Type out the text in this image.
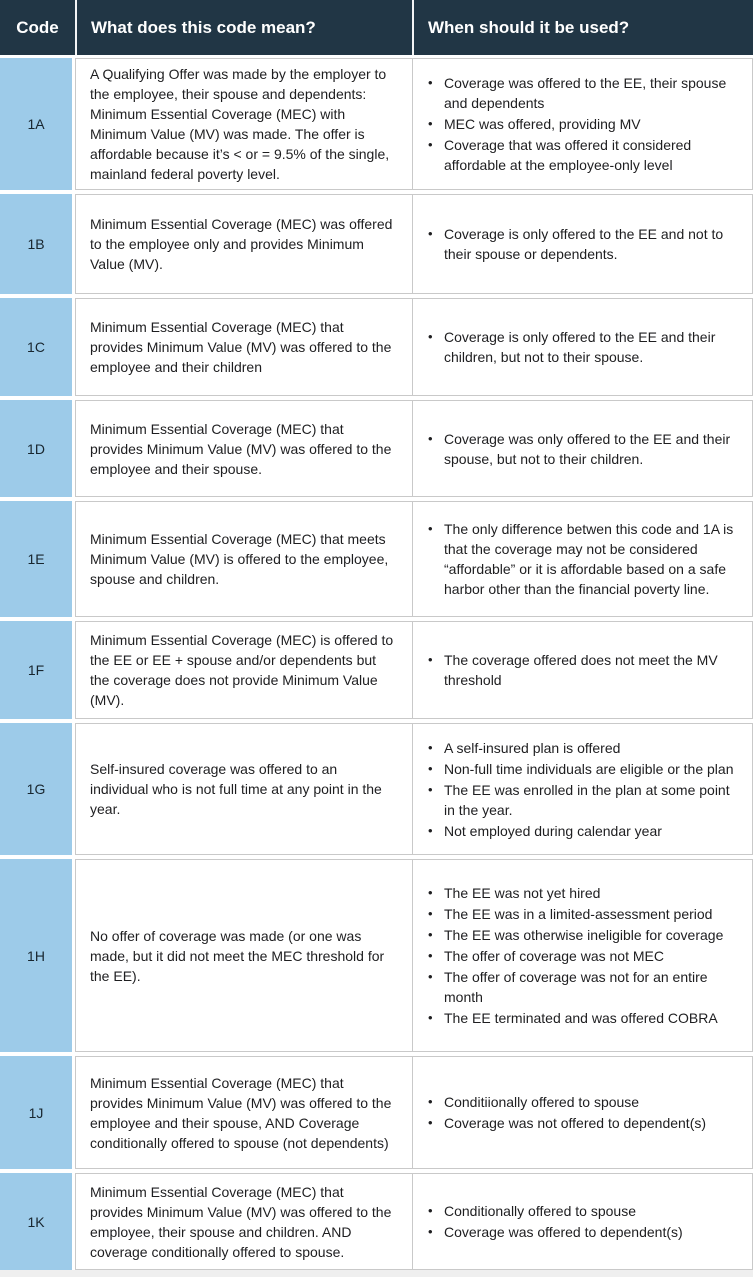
Code What does this code mean?	When should it be used?
1A

A Qualifying Offer was made by the employer to the employee, their spouse and dependents: Minimum Essential Coverage (MEC) with Minimum Value (MV) was made. The offer is affordable because it’s < or = 9.5% of the single, mainland federal poverty level.

• Coverage was offered to the EE, their spouse and dependents
• MEC was offered, providing MV
• Coverage that was offered it considered affordable at the employee-only level
1B

Minimum Essential Coverage (MEC) was offered to the employee only and provides Minimum Value (MV).

• Coverage is only offered to the EE and not to their spouse or dependents.
1C

Minimum Essential Coverage (MEC) that provides Minimum Value (MV) was offered to the employee and their children

• Coverage is only offered to the EE and their children, but not to their spouse.
1D

Minimum Essential Coverage (MEC) that provides Minimum Value (MV) was offered to the employee and their spouse.

• Coverage was only offered to the EE and their spouse, but not to their children.
1E

Minimum Essential Coverage (MEC) that meets Minimum Value (MV) is offered to the employee, spouse and children.

• The only difference betwen this code and 1A is that the coverage may not be considered “affordable” or it is affordable based on a safe harbor other than the financial poverty line.
1F

Minimum Essential Coverage (MEC) is offered to the EE or EE + spouse and/or dependents but the coverage does not provide Minimum Value (MV).

• The coverage offered does not meet the MV threshold
1G

Self-insured coverage was offered to an individual who is not full time at any point in the year.

• A self-insured plan is offered
• Non-full time individuals are eligible or the plan
• The EE was enrolled in the plan at some point in the year.
• Not employed during calendar year
1H

No offer of coverage was made (or one was made, but it did not meet the MEC threshold for the EE).

• The EE was not yet hired
• The EE was in a limited-assessment period
• The EE was otherwise ineligible for coverage
• The offer of coverage was not MEC
• The offer of coverage was not for an entire month
• The EE terminated and was offered COBRA
1J

Minimum Essential Coverage (MEC) that provides Minimum Value (MV) was offered to the employee and their spouse, AND Coverage conditionally offered to spouse (not dependents)

• Conditiionally offered to spouse
• Coverage was not offered to dependent(s)
1K

Minimum Essential Coverage (MEC) that provides Minimum Value (MV) was offered to the employee, their spouse and children. AND coverage conditionally offered to spouse.

• Conditionally offered to spouse
• Coverage was offered to dependent(s)
